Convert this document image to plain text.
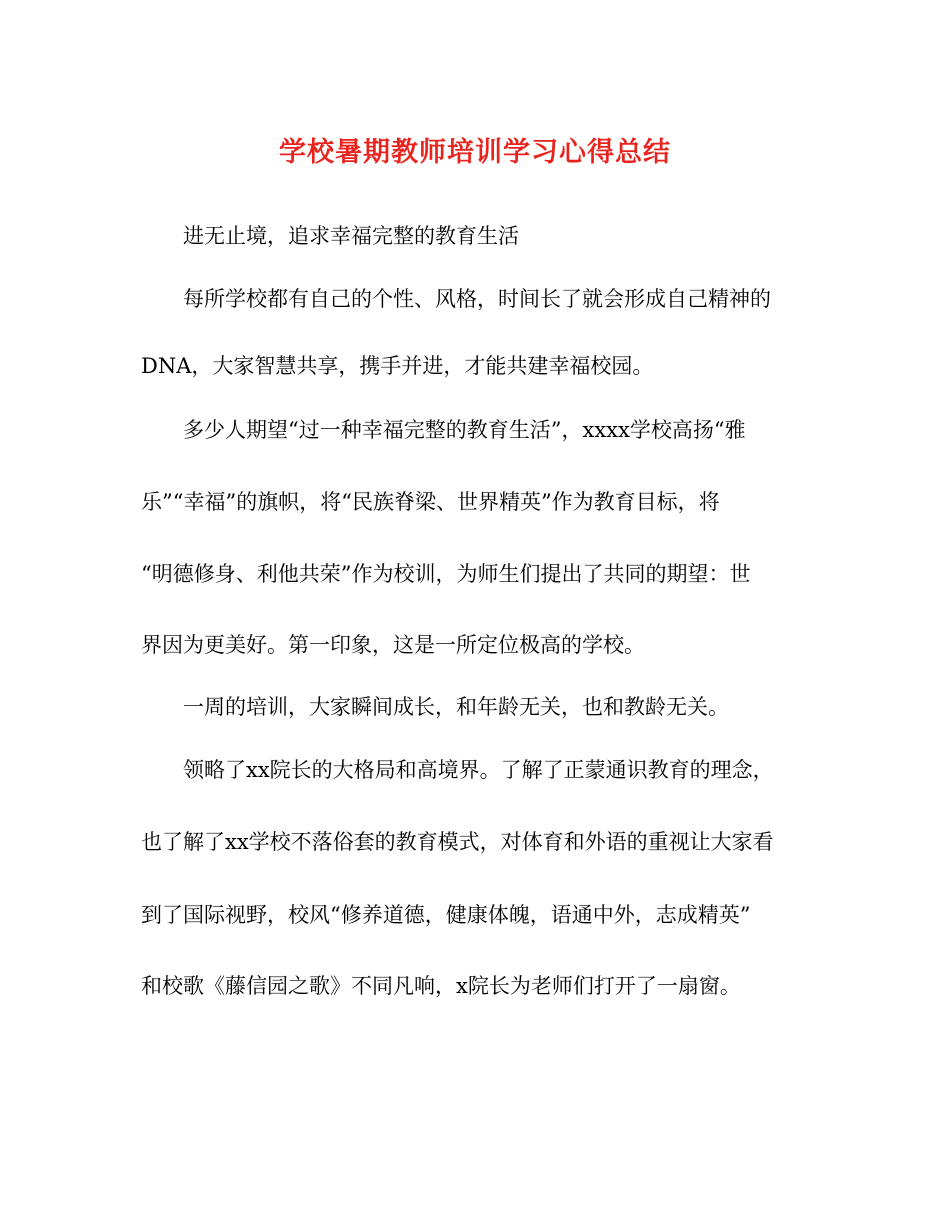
学校暑期教师培训学习心得总结
进无止境，追求幸福完整的教育生活
每所学校都有自己的个性、风格，时间长了就会形成自己精神的
DNA，大家智慧共享，携手并进，才能共建幸福校园。
多少人期望“过一种幸福完整的教育生活”，xxxx学校高扬“雅
乐”“幸福”的旗帜，将“民族脊梁、世界精英”作为教育目标，将
“明德修身、利他共荣”作为校训，为师生们提出了共同的期望：世
界因为更美好。第一印象，这是一所定位极高的学校。
一周的培训，大家瞬间成长，和年龄无关，也和教龄无关。
领略了xx院长的大格局和高境界。了解了正蒙通识教育的理念，
也了解了xx学校不落俗套的教育模式，对体育和外语的重视让大家看
到了国际视野，校风“修养道德，健康体魄，语通中外，志成精英”
和校歌《藤信园之歌》不同凡响，x院长为老师们打开了一扇窗。
